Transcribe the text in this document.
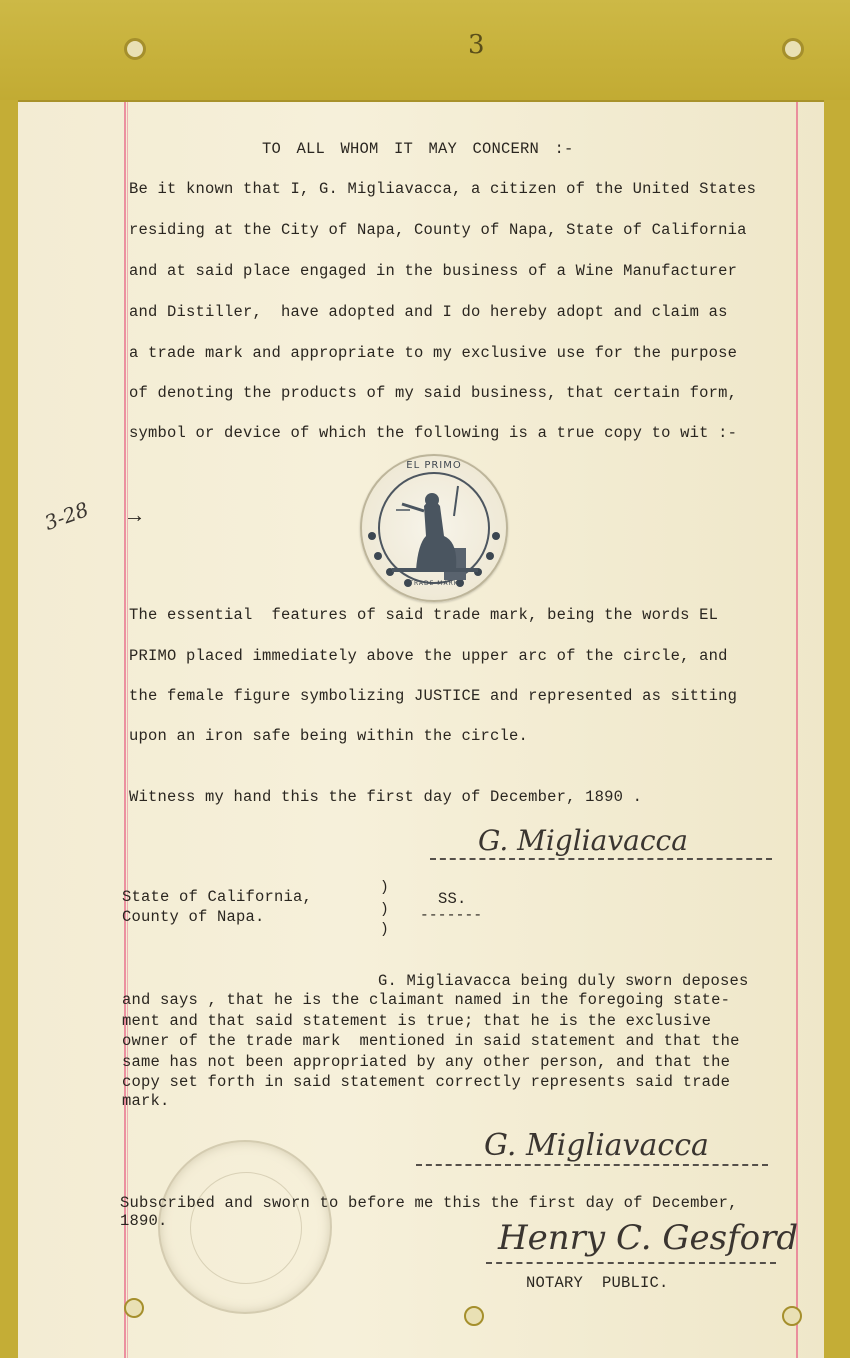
3
TO ALL WHOM IT MAY CONCERN :-
Be it known that I, G. Migliavacca, a citizen of the United States
residing at the City of Napa, County of Napa, State of California
and at said place engaged in the business of a Wine Manufacturer
and Distiller,  have adopted and I do hereby adopt and claim as
a trade mark and appropriate to my exclusive use for the purpose
of denoting the products of my said business, that certain form,
symbol or device of which the following is a true copy to wit :-
3-28 →
EL PRIMO
TRADE MARK
The essential  features of said trade mark, being the words EL
PRIMO placed immediately above the upper arc of the circle, and
the female figure symbolizing JUSTICE and represented as sitting
upon an iron safe being within the circle.
Witness my hand this the first day of December, 1890 .
G. Migliavacca
State of California,
County of Napa.
)
)
)
SS.
-------
G. Migliavacca being duly sworn deposes
and says , that he is the claimant named in the foregoing state-
ment and that said statement is true; that he is the exclusive
owner of the trade mark  mentioned in said statement and that the
same has not been appropriated by any other person, and that the
copy set forth in said statement correctly represents said trade
mark.
G. Migliavacca
Subscribed and sworn to before me this the first day of December,
1890.	Henry C. Gesford
NOTARY  PUBLIC.
